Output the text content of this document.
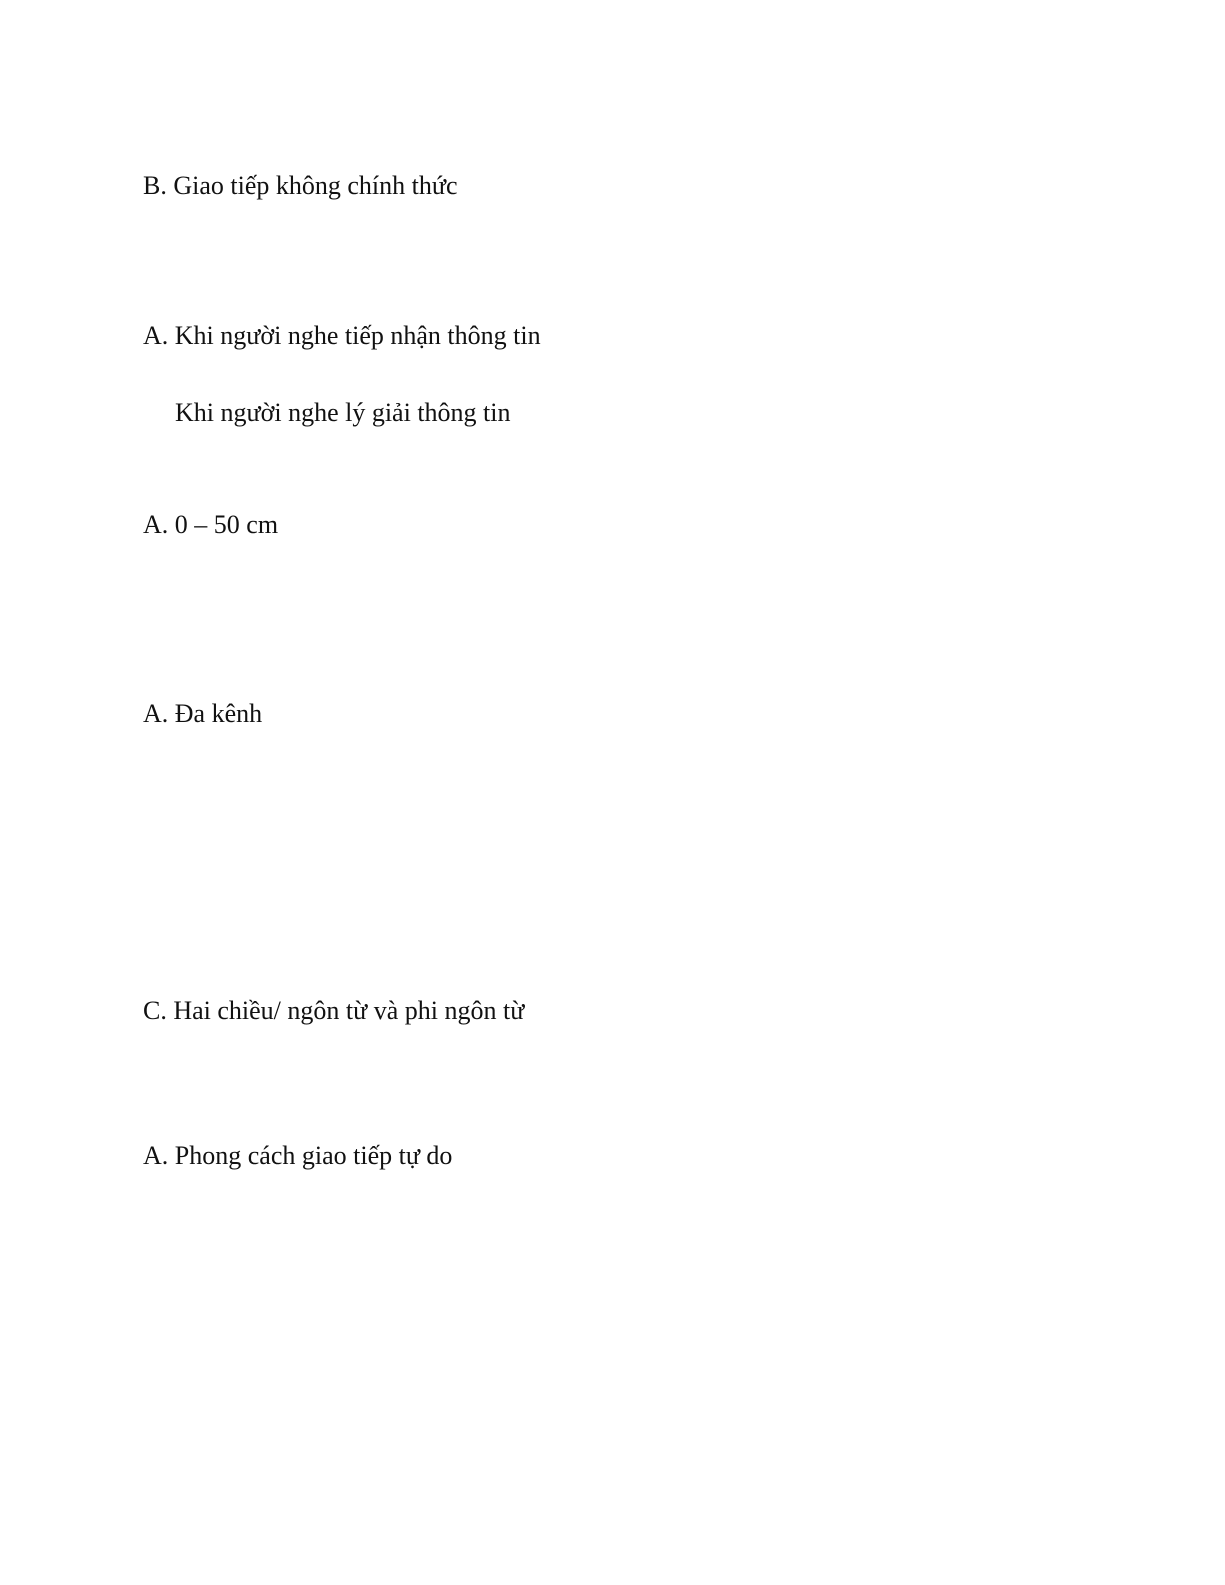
B. Giao tiếp không chính thức

A. Khi người nghe tiếp nhận thông tin

Khi người nghe lý giải thông tin

A. 0 – 50 cm

A. Đa kênh

C. Hai chiều/ ngôn từ và phi ngôn từ

A. Phong cách giao tiếp tự do
